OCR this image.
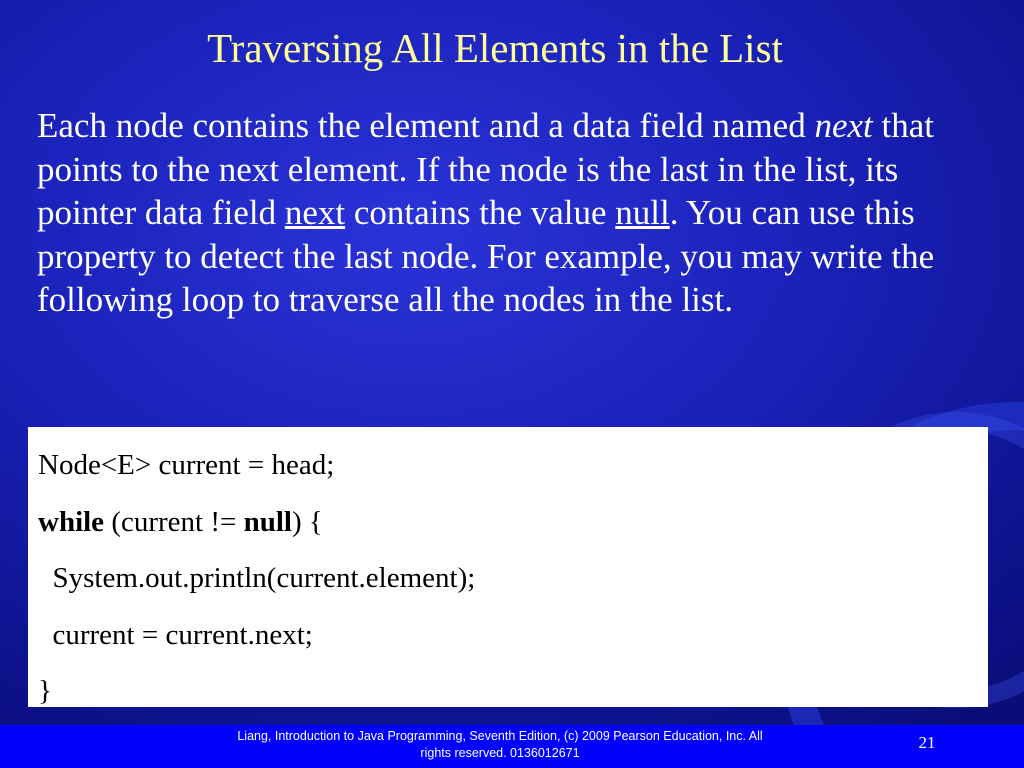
Traversing All Elements in the List
Each node contains the element and a data field named next that points to the next element. If the node is the last in the list, its pointer data field next contains the value null. You can use this property to detect the last node. For example, you may write the following loop to traverse all the nodes in the list.
Node<E> current = head;
while (current != null) {
System.out.println(current.element);
current = current.next;
}
Liang, Introduction to Java Programming, Seventh Edition, (c) 2009 Pearson Education, Inc. All
rights reserved. 0136012671
21
